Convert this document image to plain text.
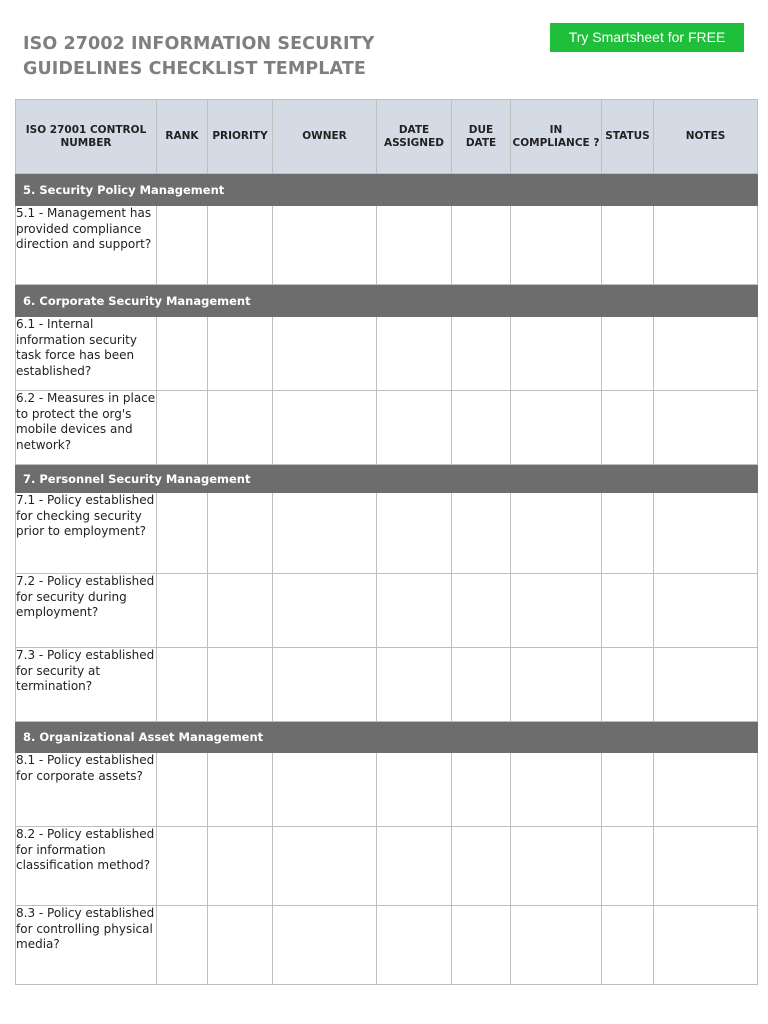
ISO 27002 INFORMATION SECURITY
GUIDELINES CHECKLIST TEMPLATE
Try Smartsheet for FREE
ISO 27001 CONTROL NUMBER	RANK	PRIORITY	OWNER	DATE ASSIGNED	DUE DATE	IN COMPLIANCE ?	STATUS	NOTES
5. Security Policy Management								
5.1 - Management has provided compliance direction and support?								
6. Corporate Security Management								
6.1 - Internal information security task force has been established?								
6.2 - Measures in place to protect the org's mobile devices and network?								
7. Personnel Security Management								
7.1 - Policy established for checking security prior to employment?								
7.2 - Policy established for security during employment?								
7.3 - Policy established for security at termination?								
8. Organizational Asset Management								
8.1 - Policy established for corporate assets?								
8.2 - Policy established for information classification method?								
8.3 - Policy established for controlling physical media?								
